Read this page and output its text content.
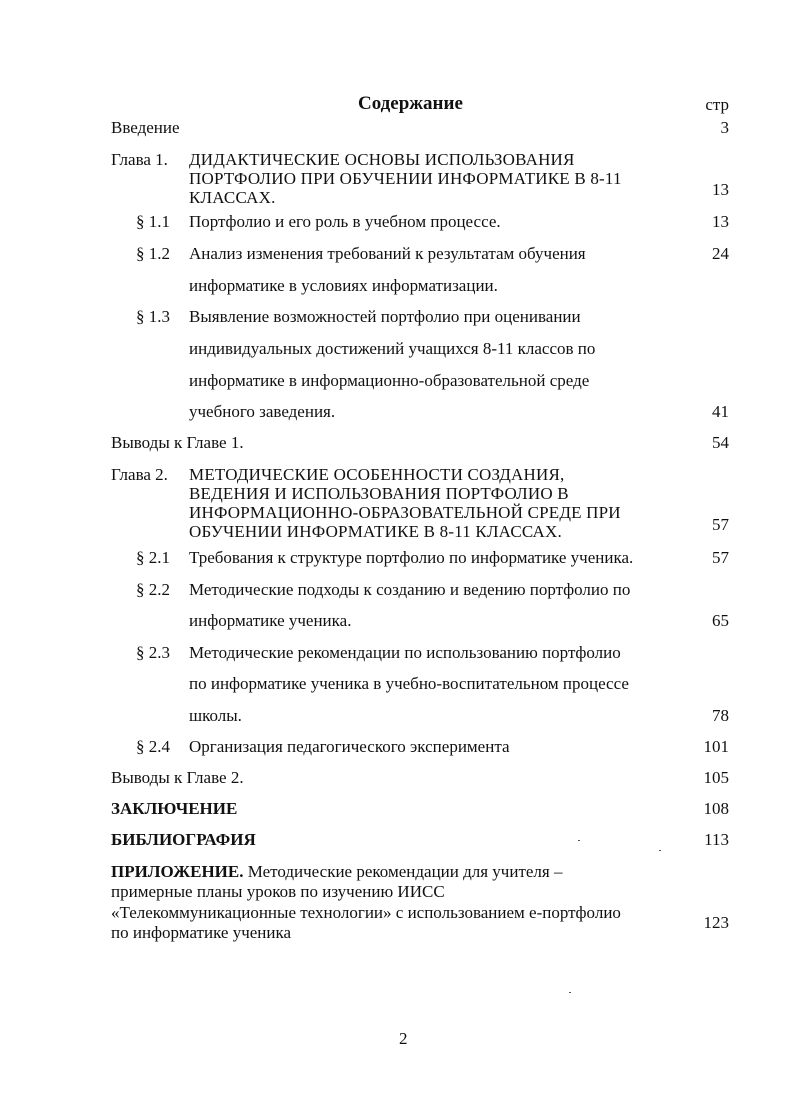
Содержание	стр
Введение	3
Глава 1. ДИДАКТИЧЕСКИЕ ОСНОВЫ ИСПОЛЬЗОВАНИЯ
ПОРТФОЛИО ПРИ ОБУЧЕНИИ ИНФОРМАТИКЕ В 8-11
КЛАССАХ.	13
§ 1.1 Портфолио и его роль в учебном процессе.	13
§ 1.2 Анализ изменения требований к результатам обучения
информатике в условиях информатизации.
24
§ 1.3 Выявление возможностей портфолио при оценивании
индивидуальных достижений учащихся 8-11 классов по
информатике в информационно-образовательной среде
учебного заведения.	41
Выводы к Главе 1.	54
Глава 2. МЕТОДИЧЕСКИЕ ОСОБЕННОСТИ СОЗДАНИЯ,
ВЕДЕНИЯ И ИСПОЛЬЗОВАНИЯ ПОРТФОЛИО В
ИНФОРМАЦИОННО-ОБРАЗОВАТЕЛЬНОЙ СРЕДЕ ПРИ
ОБУЧЕНИИ ИНФОРМАТИКЕ В 8-11 КЛАССАХ.	57
§ 2.1 Требования к структуре портфолио по информатике ученика.	57
§ 2.2 Методические подходы к созданию и ведению портфолио по
информатике ученика.	65
§ 2.3 Методические рекомендации по использованию портфолио
по информатике ученика в учебно-воспитательном процессе
школы.	78
§ 2.4 Организация педагогического эксперимента	101
Выводы к Главе 2.	105
ЗАКЛЮЧЕНИЕ	108
БИБЛИОГРАФИЯ	113
ПРИЛОЖЕНИЕ. Методические рекомендации для учителя –
примерные планы уроков по изучению ИИСС
«Телекоммуникационные технологии» с использованием е-портфолио
по информатике ученика
123
2
